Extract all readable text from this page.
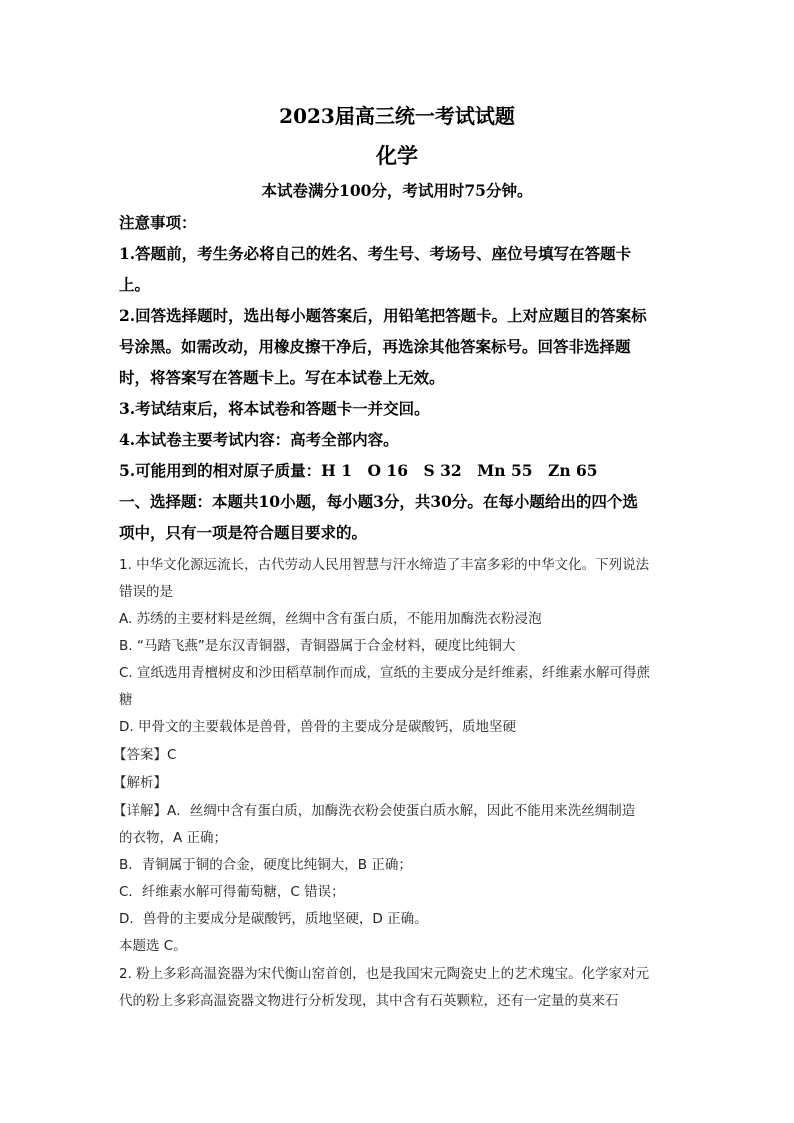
2023届高三统一考试试题
化学
本试卷满分100分，考试用时75分钟。
注意事项：
1.答题前，考生务必将自己的姓名、考生号、考场号、座位号填写在答题卡
上。
2.回答选择题时，选出每小题答案后，用铅笔把答题卡。上对应题目的答案标
号涂黑。如需改动，用橡皮擦干净后，再选涂其他答案标号。回答非选择题
时，将答案写在答题卡上。写在本试卷上无效。
3.考试结束后，将本试卷和答题卡一并交回。
4.本试卷主要考试内容：高考全部内容。
5.可能用到的相对原子质量：H 1　O 16　S 32　Mn 55　Zn 65
一、选择题：本题共10小题，每小题3分，共30分。在每小题给出的四个选
项中，只有一项是符合题目要求的。
1. 中华文化源远流长，古代劳动人民用智慧与汗水缔造了丰富多彩的中华文化。下列说法
错误的是
A. 苏绣的主要材料是丝绸，丝绸中含有蛋白质，不能用加酶洗衣粉浸泡
B. “马踏飞燕”是东汉青铜器，青铜器属于合金材料，硬度比纯铜大
C. 宣纸选用青檀树皮和沙田稻草制作而成，宣纸的主要成分是纤维素，纤维素水解可得蔗
糖
D. 甲骨文的主要载体是兽骨，兽骨的主要成分是碳酸钙，质地坚硬
【答案】C
【解析】
【详解】A．丝绸中含有蛋白质，加酶洗衣粉会使蛋白质水解，因此不能用来洗丝绸制造
的衣物，A 正确；
B．青铜属于铜的合金，硬度比纯铜大，B 正确；
C．纤维素水解可得葡萄糖，C 错误；
D．兽骨的主要成分是碳酸钙，质地坚硬，D 正确。
本题选 C。
2. 粉上多彩高温瓷器为宋代衡山窑首创，也是我国宋元陶瓷史上的艺术瑰宝。化学家对元
代的粉上多彩高温瓷器文物进行分析发现，其中含有石英颗粒，还有一定量的莫来石
